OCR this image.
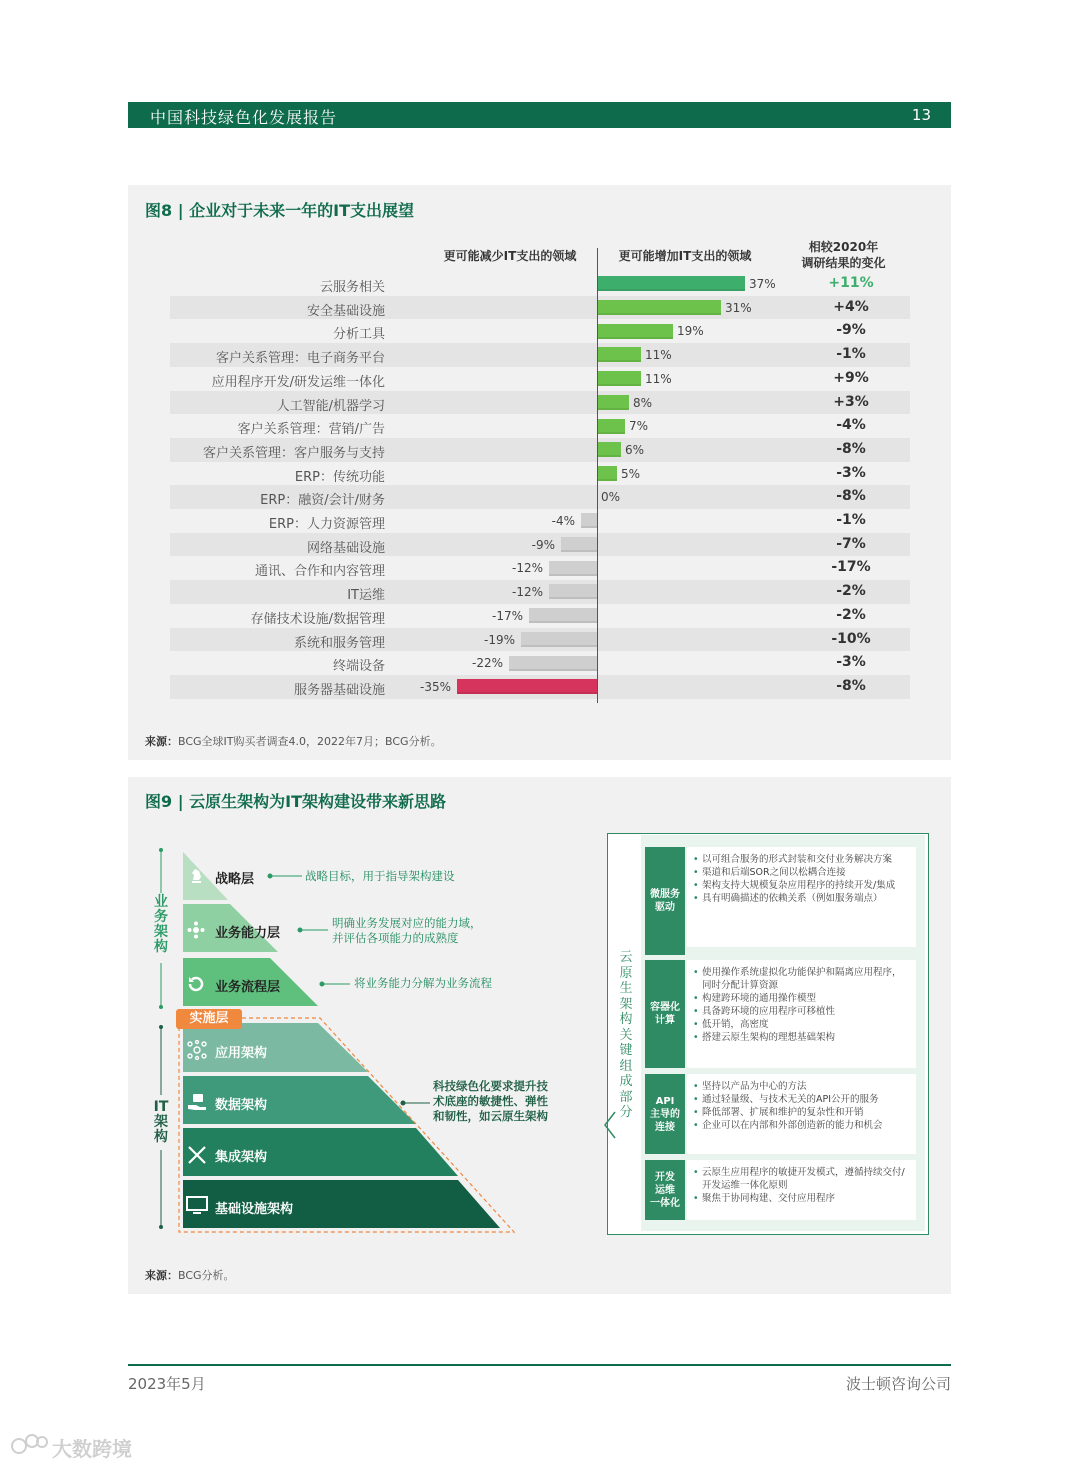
中国科技绿色化发展报告	13
图8 | 企业对于未来一年的IT支出展望
更可能减少IT支出的领域	更可能增加IT支出的领域
相较2020年
调研结果的变化
云服务相关	37%	+11%
安全基础设施	31%	+4%
分析工具	19%	-9%
客户关系管理：电子商务平台	11%	-1%
应用程序开发/研发运维一体化	11%	+9%
人工智能/机器学习	8%	+3%
客户关系管理：营销/广告	7%	-4%
客户关系管理：客户服务与支持	6%	-8%
ERP：传统功能	5%	-3%
ERP：融资/会计/财务	0%	-8%
ERP：人力资源管理	-4%	-1%
网络基础设施	-9%	-7%
通讯、合作和内容管理	-12%	-17%
IT运维	-12%	-2%
存储技术设施/数据管理	-17%	-2%
系统和服务管理	-19%	-10%
终端设备	-22%	-3%
服务器基础设施	-35%	-8%
来源：BCG全球IT购买者调查4.0，2022年7月；BCG分析。
图9 | 云原生架构为IT架构建设带来新思路
业务架构
IT架构
战略层
业务能力层
业务流程层
实施层
应用架构
数据架构
集成架构
基础设施架构
战略目标，用于指导架构建设
明确业务发展对应的能力域，
并评估各项能力的成熟度
将业务能力分解为业务流程
科技绿色化要求提升技
术底座的敏捷性、弹性
和韧性，如云原生架构
云原生架构关键组成部分
微服务
驱动
• 以可组合服务的形式封装和交付业务解决方案
• 渠道和后端SOR之间以松耦合连接
• 架构支持大规模复杂应用程序的持续开发/集成
• 具有明确描述的依赖关系（例如服务端点）
容器化
计算
• 使用操作系统虚拟化功能保护和隔离应用程序，同时分配计算资源
• 构建跨环境的通用操作模型
• 具备跨环境的应用程序可移植性
• 低开销，高密度
• 搭建云原生架构的理想基础架构
API
主导的
连接
• 坚持以产品为中心的方法
• 通过轻量级、与技术无关的API公开的服务
• 降低部署、扩展和维护的复杂性和开销
• 企业可以在内部和外部创造新的能力和机会
开发
运维
一体化
• 云原生应用程序的敏捷开发模式，遵循持续交付/开发运维一体化原则
• 聚焦于协同构建、交付应用程序
来源：BCG分析。
2023年5月	波士顿咨询公司
大数跨境
